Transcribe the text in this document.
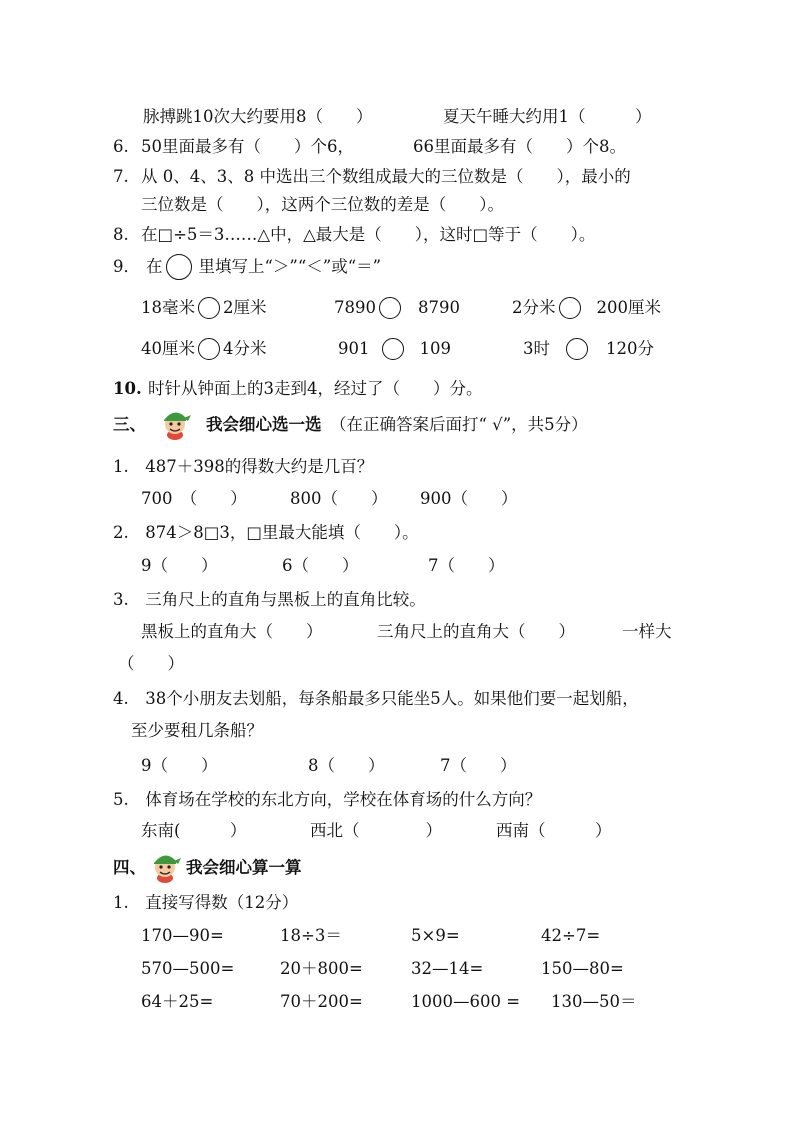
脉搏跳10次大约要用8（　　）	夏天午睡大约用1（　　　）
6. 50里面最多有（　　）个6，	66里面最多有（　　）个8。
7. 从 0、4、3、8 中选出三个数组成最大的三位数是（　　），最小的
三位数是（　　），这两个三位数的差是（　　）。
8. 在□÷5＝3……△中，△最大是（　　），这时□等于（　　）。
9． 在 里填写上“＞”“＜”或“＝”
18毫米 2厘米	7890	8790	2分米 200厘米
40厘米 4分米	901	109	3时	120分
10. 时针从钟面上的3走到4，经过了（　　）分。
三、	我会细心选一选 （在正确答案后面打“ √”，共5分）
1.　487＋398的得数大约是几百？
700　（　　）	800（　　） 900（　　）
2.　874＞8□3，□里最大能填（　　）。
9（　　）	6（　　）	7（　　）
3.　三角尺上的直角与黑板上的直角比较。
黑板上的直角大（　　）	三角尺上的直角大（　　）	一样大
（　　）
4.　38个小朋友去划船，每条船最多只能坐5人。如果他们要一起划船，
至少要租几条船？
9（　　）	8（　　）	7（　　）
5.　体育场在学校的东北方向，学校在体育场的什么方向？
东南(　　　）	西北（　　　　）	西南（　　　）
四、 我会细心算一算
1.　直接写得数（12分）
170—90=	18÷3＝	5×9=	42÷7=
570—500=	20＋800=	32—14=	150—80=
64＋25=	70＋200=	1000—600 = 130—50＝
